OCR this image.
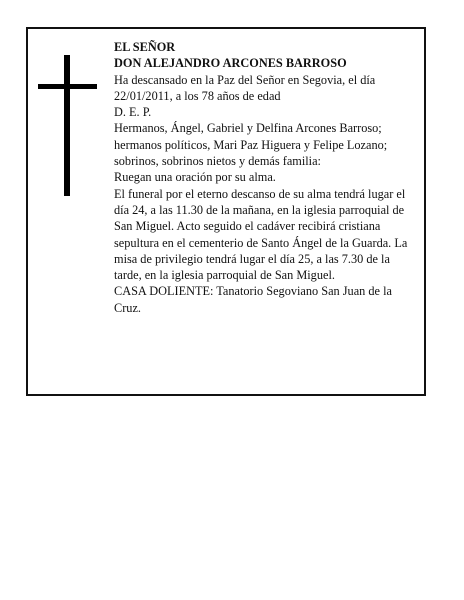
EL SEÑOR

DON ALEJANDRO ARCONES BARROSO

Ha descansado en la Paz del Señor en Segovia, el día 22/01/2011, a los 78 años de edad

D. E. P.

Hermanos, Ángel, Gabriel y Delfina Arcones Barroso; hermanos políticos, Mari Paz Higuera y Felipe Lozano; sobrinos, sobrinos nietos y demás familia:

Ruegan una oración por su alma.

El funeral por el eterno descanso de su alma tendrá lugar el día 24, a las 11.30 de la mañana, en la iglesia parroquial de San Miguel. Acto seguido el cadáver recibirá cristiana sepultura en el cementerio de Santo Ángel de la Guarda. La misa de privilegio tendrá lugar el día 25, a las 7.30 de la tarde, en la iglesia parroquial de San Miguel.

CASA DOLIENTE: Tanatorio Segoviano San Juan de la Cruz.
